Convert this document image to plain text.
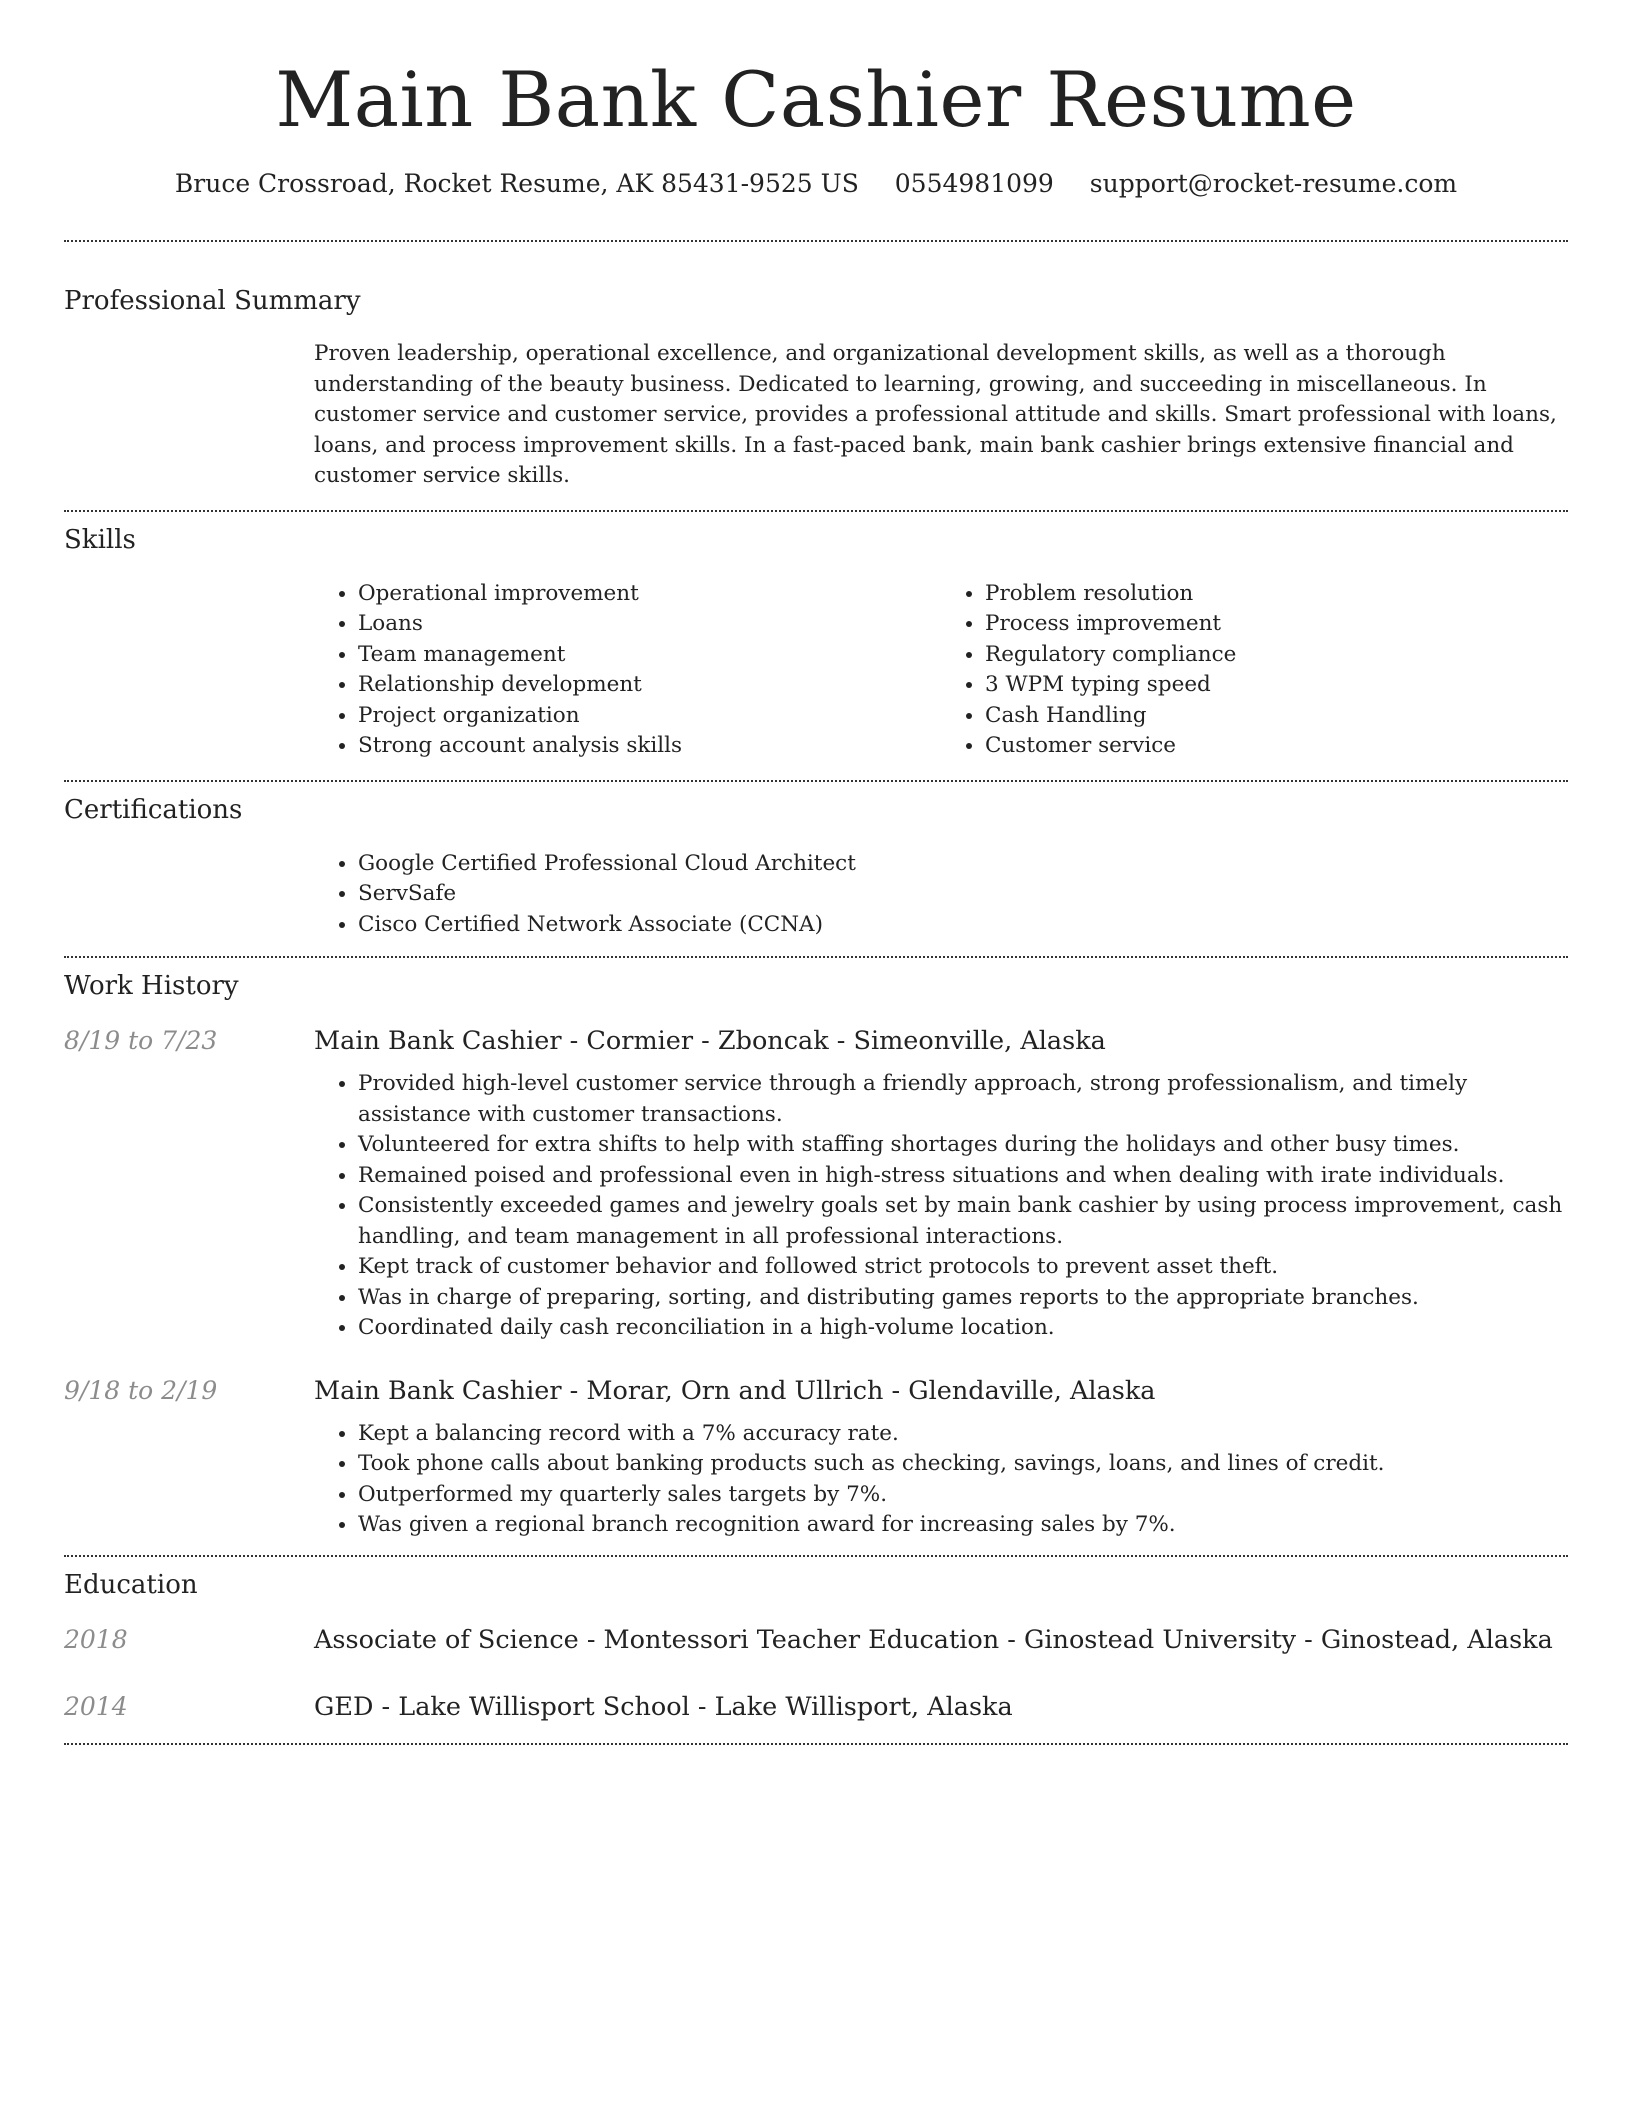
Main Bank Cashier Resume
Bruce Crossroad, Rocket Resume, AK 85431-9525 US 0554981099 support@rocket-resume.com
Professional Summary

Proven leadership, operational excellence, and organizational development skills, as well as a thorough understanding of the beauty business. Dedicated to learning, growing, and succeeding in miscellaneous. In customer service and customer service, provides a professional attitude and skills. Smart professional with loans, loans, and process improvement skills. In a fast-paced bank, main bank cashier brings extensive financial and customer service skills.

Skills
• Operational improvement
• Loans
• Team management
• Relationship development
• Project organization
• Strong account analysis skills
• Problem resolution
• Process improvement
• Regulatory compliance
• 3 WPM typing speed
• Cash Handling
• Customer service
Certifications
• Google Certified Professional Cloud Architect
• ServSafe
• Cisco Certified Network Associate (CCNA)
Work History
8/19 to 7/23	Main Bank Cashier - Cormier - Zboncak - Simeonville, Alaska
• Provided high-level customer service through a friendly approach, strong professionalism, and timely assistance with customer transactions.
• Volunteered for extra shifts to help with staffing shortages during the holidays and other busy times.
• Remained poised and professional even in high-stress situations and when dealing with irate individuals.
• Consistently exceeded games and jewelry goals set by main bank cashier by using process improvement, cash handling, and team management in all professional interactions.
• Kept track of customer behavior and followed strict protocols to prevent asset theft.
• Was in charge of preparing, sorting, and distributing games reports to the appropriate branches.
• Coordinated daily cash reconciliation in a high-volume location.
9/18 to 2/19	Main Bank Cashier - Morar, Orn and Ullrich - Glendaville, Alaska
• Kept a balancing record with a 7% accuracy rate.
• Took phone calls about banking products such as checking, savings, loans, and lines of credit.
• Outperformed my quarterly sales targets by 7%.
• Was given a regional branch recognition award for increasing sales by 7%.
Education
2018	Associate of Science - Montessori Teacher Education - Ginostead University - Ginostead, Alaska
2014	GED - Lake Willisport School - Lake Willisport, Alaska
